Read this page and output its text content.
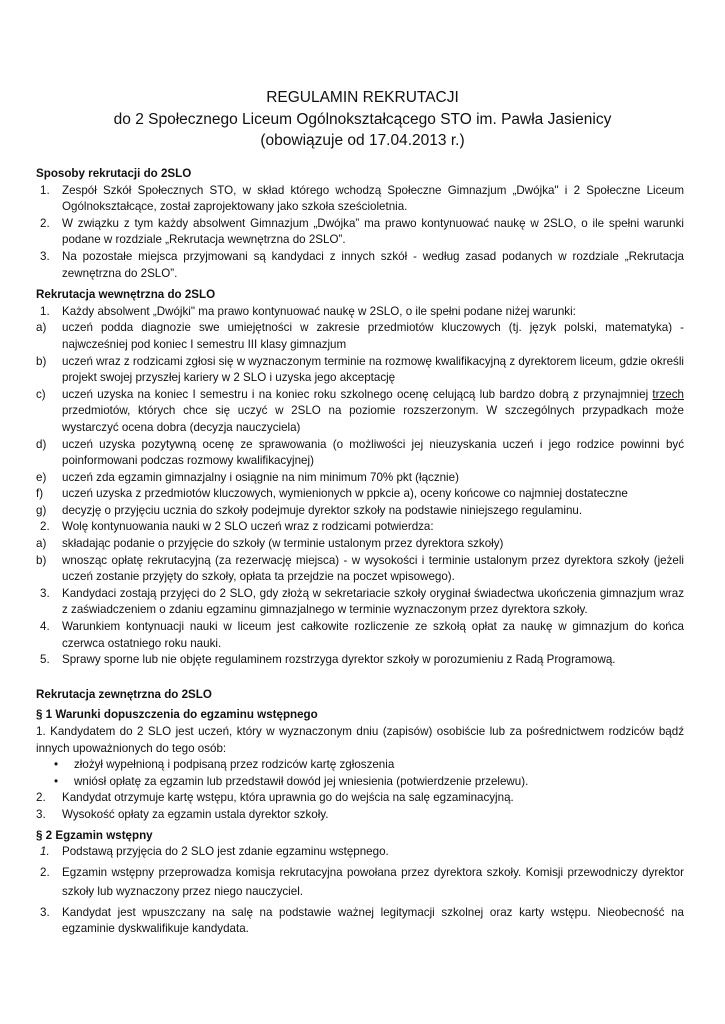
REGULAMIN REKRUTACJI
do 2 Społecznego Liceum Ogólnokształcącego STO im. Pawła Jasienicy
(obowiązuje od 17.04.2013 r.)

Sposoby rekrutacji do 2SLO

1. Zespół Szkół Społecznych STO, w skład którego wchodzą Społeczne Gimnazjum „Dwójka" i 2 Społeczne Liceum Ogólnokształcące, został zaprojektowany jako szkoła sześcioletnia.
2. W związku z tym każdy absolwent Gimnazjum „Dwójka” ma prawo kontynuować naukę w 2SLO, o ile spełni warunki podane w rozdziale „Rekrutacja wewnętrzna do 2SLO”.
3. Na pozostałe miejsca przyjmowani są kandydaci z innych szkół - według zasad podanych w rozdziale „Rekrutacja zewnętrzna do 2SLO”.

Rekrutacja wewnętrzna do 2SLO

1. Każdy absolwent „Dwójki" ma prawo kontynuować naukę w 2SLO, o ile spełni podane niżej warunki:
a) uczeń podda diagnozie swe umiejętności w zakresie przedmiotów kluczowych (tj. język polski, matematyka) - najwcześniej pod koniec I semestru III klasy gimnazjum
b) uczeń wraz z rodzicami zgłosi się w wyznaczonym terminie na rozmowę kwalifikacyjną z dyrektorem liceum, gdzie określi projekt swojej przyszłej kariery w 2 SLO i uzyska jego akceptację
c) uczeń uzyska na koniec I semestru i na koniec roku szkolnego ocenę celującą lub bardzo dobrą z przynajmniej trzech przedmiotów, których chce się uczyć w 2SLO na poziomie rozszerzonym. W szczególnych przypadkach może wystarczyć ocena dobra (decyzja nauczyciela)
d) uczeń uzyska pozytywną ocenę ze sprawowania (o możliwości jej nieuzyskania uczeń i jego rodzice powinni być poinformowani podczas rozmowy kwalifikacyjnej)
e) uczeń zda egzamin gimnazjalny i osiągnie na nim minimum 70% pkt (łącznie)
f) uczeń uzyska z przedmiotów kluczowych, wymienionych w ppkcie a), oceny końcowe co najmniej dostateczne
g) decyzję o przyjęciu ucznia do szkoły podejmuje dyrektor szkoły na podstawie niniejszego regulaminu.
2. Wolę kontynuowania nauki w 2 SLO uczeń wraz z rodzicami potwierdza:
a) składając podanie o przyjęcie do szkoły (w terminie ustalonym przez dyrektora szkoły)
b) wnosząc opłatę rekrutacyjną (za rezerwację miejsca) - w wysokości i terminie ustalonym przez dyrektora szkoły (jeżeli uczeń zostanie przyjęty do szkoły, opłata ta przejdzie na poczet wpisowego).
3. Kandydaci zostają przyjęci do 2 SLO, gdy złożą w sekretariacie szkoły oryginał świadectwa ukończenia gimnazjum wraz z zaświadczeniem o zdaniu egzaminu gimnazjalnego w terminie wyznaczonym przez dyrektora szkoły.
4. Warunkiem kontynuacji nauki w liceum jest całkowite rozliczenie ze szkołą opłat za naukę w gimnazjum do końca czerwca ostatniego roku nauki.
5. Sprawy sporne lub nie objęte regulaminem rozstrzyga dyrektor szkoły w porozumieniu z Radą Programową.

Rekrutacja zewnętrzna do 2SLO

§ 1 Warunki dopuszczenia do egzaminu wstępnego

1. Kandydatem do 2 SLO jest uczeń, który w wyznaczonym dniu (zapisów) osobiście lub za pośrednictwem rodziców bądź innych upoważnionych do tego osób:

• złożył wypełnioną i podpisaną przez rodziców kartę zgłoszenia
• wniósł opłatę za egzamin lub przedstawił dowód jej wniesienia (potwierdzenie przelewu).
2. Kandydat otrzymuje kartę wstępu, która uprawnia go do wejścia na salę egzaminacyjną.
3. Wysokość opłaty za egzamin ustala dyrektor szkoły.

§ 2 Egzamin wstępny

1. Podstawą przyjęcia do 2 SLO jest zdanie egzaminu wstępnego.
2. Egzamin wstępny przeprowadza komisja rekrutacyjna powołana przez dyrektora szkoły. Komisji przewodniczy dyrektor szkoły lub wyznaczony przez niego nauczyciel.
3. Kandydat jest wpuszczany na salę na podstawie ważnej legitymacji szkolnej oraz karty wstępu. Nieobecność na egzaminie dyskwalifikuje kandydata.
